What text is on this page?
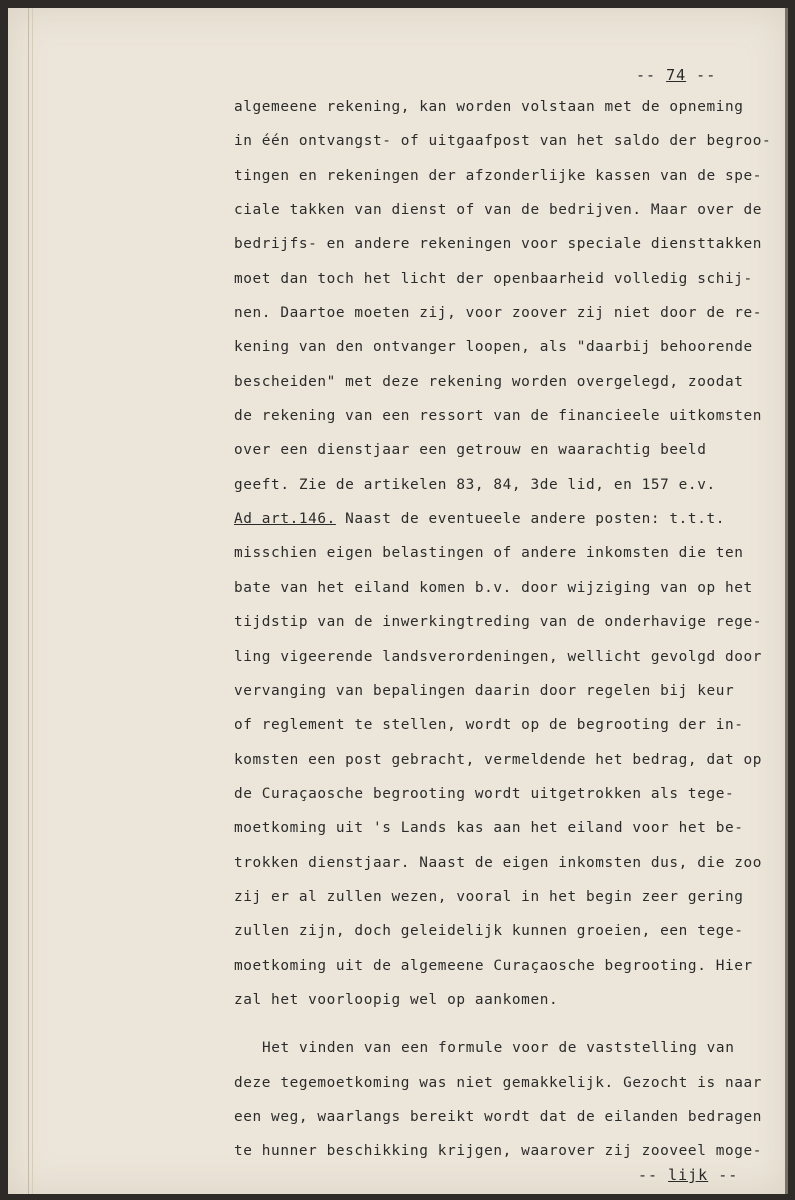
-- 74 --
algemeene rekening, kan worden volstaan met de opneming
in één ontvangst- of uitgaafpost van het saldo der begroo-
tingen en rekeningen der afzonderlijke kassen van de spe-
ciale takken van dienst of van de bedrijven. Maar over de
bedrijfs- en andere rekeningen voor speciale diensttakken
moet dan toch het licht der openbaarheid volledig schij-
nen. Daartoe moeten zij, voor zoover zij niet door de re-
kening van den ontvanger loopen, als "daarbij behoorende
bescheiden" met deze rekening worden overgelegd, zoodat
de rekening van een ressort van de financieele uitkomsten
over een dienstjaar een getrouw en waarachtig beeld
geeft. Zie de artikelen 83, 84, 3de lid, en 157 e.v.
Ad art.146. Naast de eventueele andere posten: t.t.t.
misschien eigen belastingen of andere inkomsten die ten
bate van het eiland komen b.v. door wijziging van op het
tijdstip van de inwerkingtreding van de onderhavige rege-
ling vigeerende landsverordeningen, wellicht gevolgd door
vervanging van bepalingen daarin door regelen bij keur
of reglement te stellen, wordt op de begrooting der in-
komsten een post gebracht, vermeldende het bedrag, dat op
de Curaçaosche begrooting wordt uitgetrokken als tege-
moetkoming uit 's Lands kas aan het eiland voor het be-
trokken dienstjaar. Naast de eigen inkomsten dus, die zoo
zij er al zullen wezen, vooral in het begin zeer gering
zullen zijn, doch geleidelijk kunnen groeien, een tege-
moetkoming uit de algemeene Curaçaosche begrooting. Hier
zal het voorloopig wel op aankomen.
Het vinden van een formule voor de vaststelling van
deze tegemoetkoming was niet gemakkelijk. Gezocht is naar
een weg, waarlangs bereikt wordt dat de eilanden bedragen
te hunner beschikking krijgen, waarover zij zooveel moge-
-- lijk --
